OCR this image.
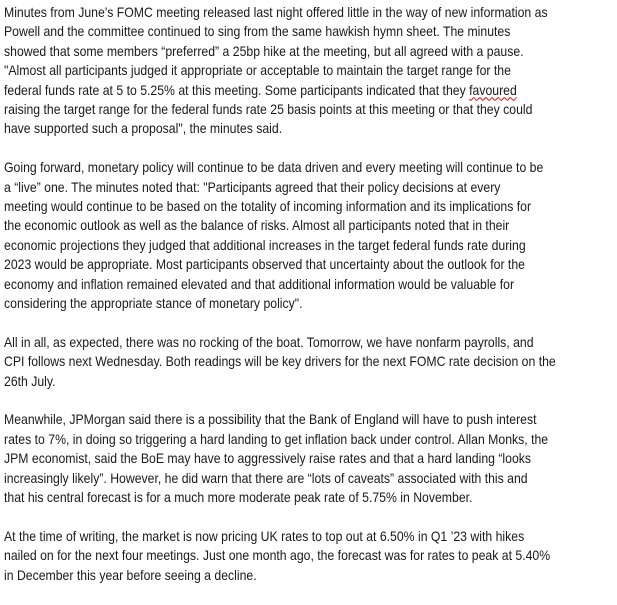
Minutes from June’s FOMC meeting released last night offered little in the way of new information as
Powell and the committee continued to sing from the same hawkish hymn sheet. The minutes
showed that some members “preferred” a 25bp hike at the meeting, but all agreed with a pause.
"Almost all participants judged it appropriate or acceptable to maintain the target range for the
federal funds rate at 5 to 5.25% at this meeting. Some participants indicated that they favoured
raising the target range for the federal funds rate 25 basis points at this meeting or that they could
have supported such a proposal", the minutes said.
Going forward, monetary policy will continue to be data driven and every meeting will continue to be
a “live” one. The minutes noted that: "Participants agreed that their policy decisions at every
meeting would continue to be based on the totality of incoming information and its implications for
the economic outlook as well as the balance of risks. Almost all participants noted that in their
economic projections they judged that additional increases in the target federal funds rate during
2023 would be appropriate. Most participants observed that uncertainty about the outlook for the
economy and inflation remained elevated and that additional information would be valuable for
considering the appropriate stance of monetary policy".
All in all, as expected, there was no rocking of the boat. Tomorrow, we have nonfarm payrolls, and
CPI follows next Wednesday. Both readings will be key drivers for the next FOMC rate decision on the
26th July.
Meanwhile, JPMorgan said there is a possibility that the Bank of England will have to push interest
rates to 7%, in doing so triggering a hard landing to get inflation back under control. Allan Monks, the
JPM economist, said the BoE may have to aggressively raise rates and that a hard landing “looks
increasingly likely”. However, he did warn that there are “lots of caveats” associated with this and
that his central forecast is for a much more moderate peak rate of 5.75% in November.
At the time of writing, the market is now pricing UK rates to top out at 6.50% in Q1 ’23 with hikes
nailed on for the next four meetings. Just one month ago, the forecast was for rates to peak at 5.40%
in December this year before seeing a decline.
